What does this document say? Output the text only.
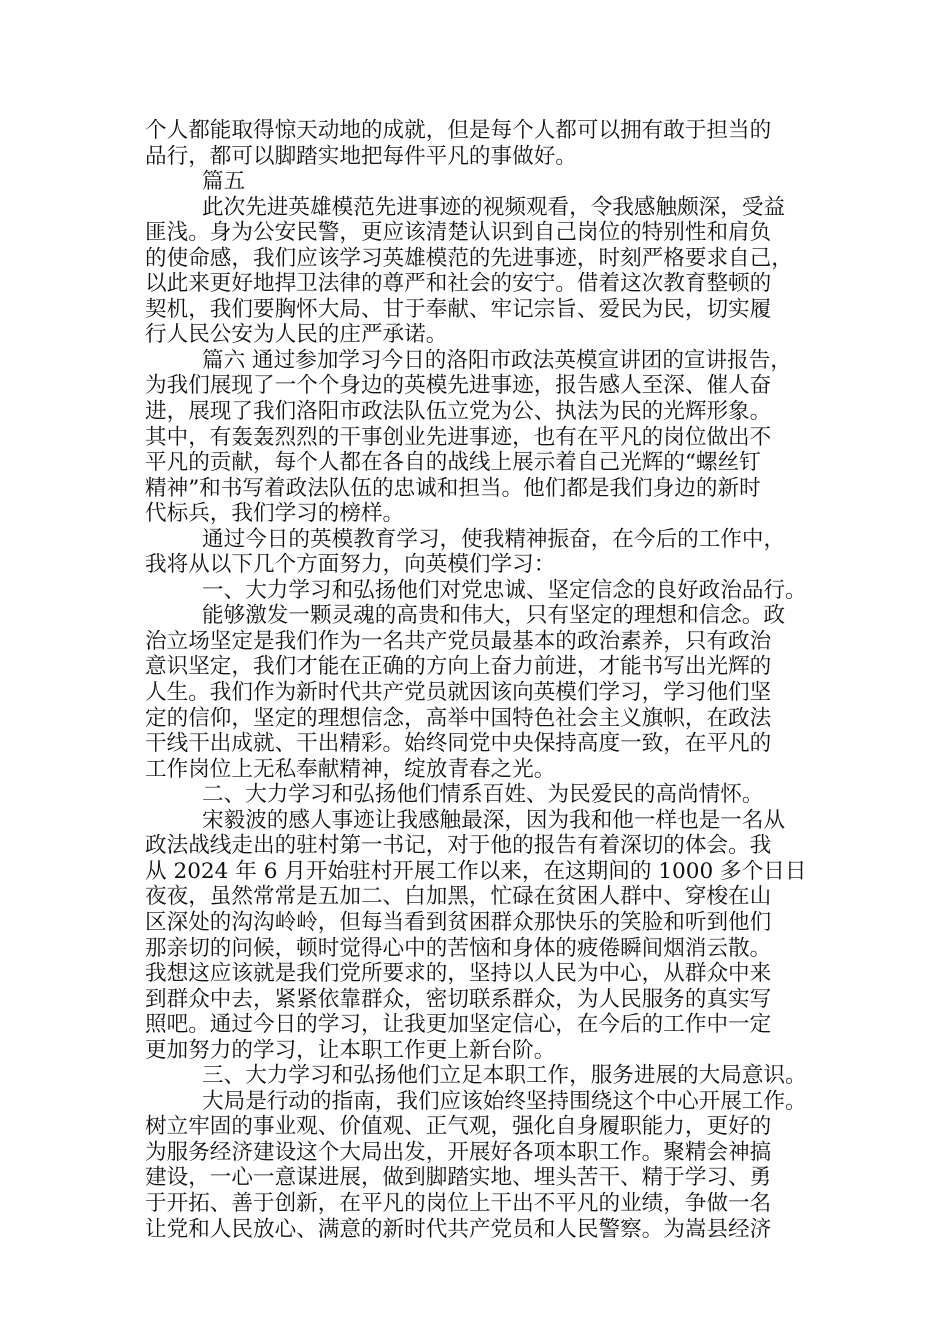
个人都能取得惊天动地的成就，但是每个人都可以拥有敢于担当的
品行，都可以脚踏实地把每件平凡的事做好。
篇五
此次先进英雄模范先进事迹的视频观看，令我感触颇深，受益
匪浅。身为公安民警，更应该清楚认识到自己岗位的特别性和肩负
的使命感，我们应该学习英雄模范的先进事迹，时刻严格要求自己，
以此来更好地捍卫法律的尊严和社会的安宁。借着这次教育整顿的
契机，我们要胸怀大局、甘于奉献、牢记宗旨、爱民为民，切实履
行人民公安为人民的庄严承诺。
篇六 通过参加学习今日的洛阳市政法英模宣讲团的宣讲报告，
为我们展现了一个个身边的英模先进事迹，报告感人至深、催人奋
进，展现了我们洛阳市政法队伍立党为公、执法为民的光辉形象。
其中，有轰轰烈烈的干事创业先进事迹，也有在平凡的岗位做出不
平凡的贡献，每个人都在各自的战线上展示着自己光辉的“螺丝钉
精神”和书写着政法队伍的忠诚和担当。他们都是我们身边的新时
代标兵，我们学习的榜样。
通过今日的英模教育学习，使我精神振奋，在今后的工作中，
我将从以下几个方面努力，向英模们学习：
一、大力学习和弘扬他们对党忠诚、坚定信念的良好政治品行。
能够激发一颗灵魂的高贵和伟大，只有坚定的理想和信念。政
治立场坚定是我们作为一名共产党员最基本的政治素养，只有政治
意识坚定，我们才能在正确的方向上奋力前进，才能书写出光辉的
人生。我们作为新时代共产党员就因该向英模们学习，学习他们坚
定的信仰，坚定的理想信念，高举中国特色社会主义旗帜，在政法
干线干出成就、干出精彩。始终同党中央保持高度一致，在平凡的
工作岗位上无私奉献精神，绽放青春之光。
二、大力学习和弘扬他们情系百姓、为民爱民的高尚情怀。
宋毅波的感人事迹让我感触最深，因为我和他一样也是一名从
政法战线走出的驻村第一书记，对于他的报告有着深切的体会。我
从 2024 年 6 月开始驻村开展工作以来，在这期间的 1000 多个日日
夜夜，虽然常常是五加二、白加黑，忙碌在贫困人群中、穿梭在山
区深处的沟沟岭岭，但每当看到贫困群众那快乐的笑脸和听到他们
那亲切的问候，顿时觉得心中的苦恼和身体的疲倦瞬间烟消云散。
我想这应该就是我们党所要求的，坚持以人民为中心，从群众中来
到群众中去，紧紧依靠群众，密切联系群众，为人民服务的真实写
照吧。通过今日的学习，让我更加坚定信心，在今后的工作中一定
更加努力的学习，让本职工作更上新台阶。
三、大力学习和弘扬他们立足本职工作，服务进展的大局意识。
大局是行动的指南，我们应该始终坚持围绕这个中心开展工作。
树立牢固的事业观、价值观、正气观，强化自身履职能力，更好的
为服务经济建设这个大局出发，开展好各项本职工作。聚精会神搞
建设，一心一意谋进展，做到脚踏实地、埋头苦干、精于学习、勇
于开拓、善于创新，在平凡的岗位上干出不平凡的业绩，争做一名
让党和人民放心、满意的新时代共产党员和人民警察。为嵩县经济
